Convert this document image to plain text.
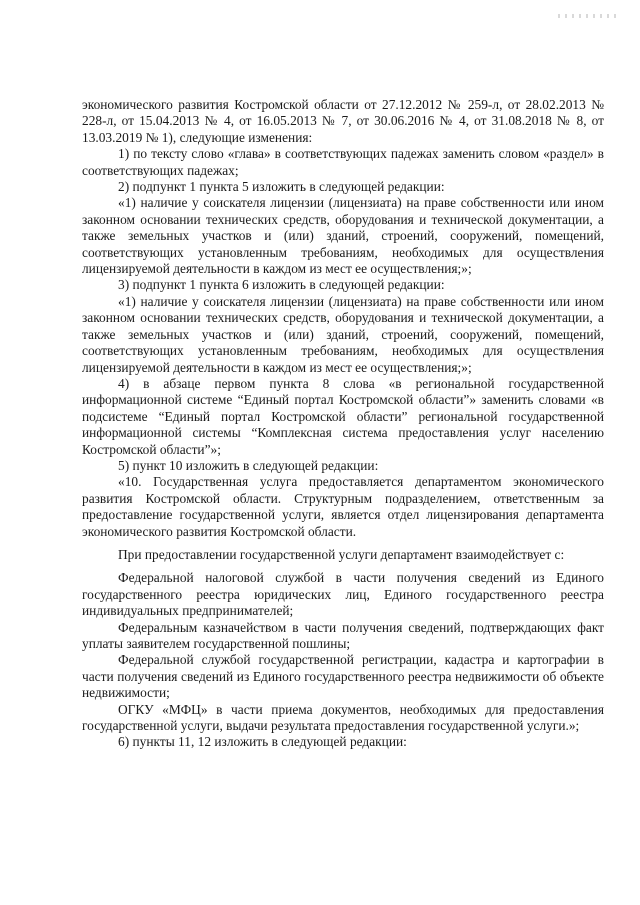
экономического развития Костромской области от 27.12.2012 № 259-л, от 28.02.2013 № 228-л, от 15.04.2013 № 4, от 16.05.2013 № 7, от 30.06.2016 № 4, от 31.08.2018 № 8, от 13.03.2019 № 1), следующие изменения:

1) по тексту слово «глава» в соответствующих падежах заменить словом «раздел» в соответствующих падежах;

2) подпункт 1 пункта 5 изложить в следующей редакции:

«1) наличие у соискателя лицензии (лицензиата) на праве собственности или ином законном основании технических средств, оборудования и технической документации, а также земельных участков и (или) зданий, строений, сооружений, помещений, соответствующих установленным требованиям, необходимых для осуществления лицензируемой деятельности в каждом из мест ее осуществления;»;

3) подпункт 1 пункта 6 изложить в следующей редакции:

«1) наличие у соискателя лицензии (лицензиата) на праве собственности или ином законном основании технических средств, оборудования и технической документации, а также земельных участков и (или) зданий, строений, сооружений, помещений, соответствующих установленным требованиям, необходимых для осуществления лицензируемой деятельности в каждом из мест ее осуществления;»;

4) в абзаце первом пункта 8 слова «в региональной государственной информационной системе “Единый портал Костромской области”» заменить словами «в подсистеме “Единый портал Костромской области” региональной государственной информационной системы “Комплексная система предоставления услуг населению Костромской области”»;

5) пункт 10 изложить в следующей редакции:

«10. Государственная услуга предоставляется департаментом экономического развития Костромской области. Структурным подразделением, ответственным за предоставление государственной услуги, является отдел лицензирования департамента экономического развития Костромской области.

При предоставлении государственной услуги департамент взаимодействует с:

Федеральной налоговой службой в части получения сведений из Единого государственного реестра юридических лиц, Единого государственного реестра индивидуальных предпринимателей;

Федеральным казначейством в части получения сведений, подтверждающих факт уплаты заявителем государственной пошлины;

Федеральной службой государственной регистрации, кадастра и картографии в части получения сведений из Единого государственного реестра недвижимости об объекте недвижимости;

ОГКУ «МФЦ» в части приема документов, необходимых для предоставления государственной услуги, выдачи результата предоставления государственной услуги.»;

6) пункты 11, 12 изложить в следующей редакции:
